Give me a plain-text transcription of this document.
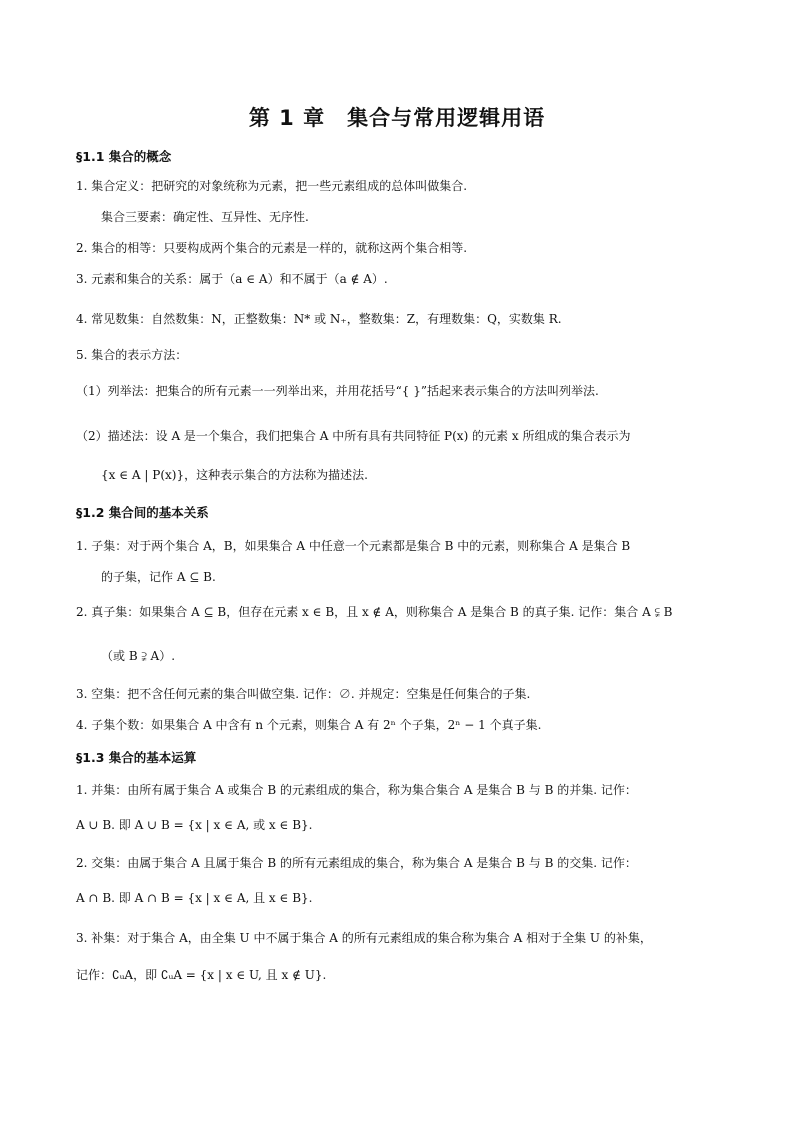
第 1 章　集合与常用逻辑用语
§1.1 集合的概念
1. 集合定义：把研究的对象统称为元素，把一些元素组成的总体叫做集合.
集合三要素：确定性、互异性、无序性.
2. 集合的相等：只要构成两个集合的元素是一样的，就称这两个集合相等.
3. 元素和集合的关系：属于（a ∈ A）和不属于（a ∉ A）.
4. 常见数集：自然数集：N，正整数集：N* 或 N₊，整数集：Z，有理数集：Q，实数集 R.
5. 集合的表示方法：
（1）列举法：把集合的所有元素一一列举出来，并用花括号“{ }”括起来表示集合的方法叫列举法.
（2）描述法：设 A 是一个集合，我们把集合 A 中所有具有共同特征 P(x) 的元素 x 所组成的集合表示为
{x ∈ A | P(x)}，这种表示集合的方法称为描述法.
§1.2 集合间的基本关系
1. 子集：对于两个集合 A，B，如果集合 A 中任意一个元素都是集合 B 中的元素，则称集合 A 是集合 B
的子集，记作 A ⊆ B.
2. 真子集：如果集合 A ⊆ B，但存在元素 x ∈ B，且 x ∉ A，则称集合 A 是集合 B 的真子集. 记作：集合 A ⫋ B
（或 B ⫌ A）.
3. 空集：把不含任何元素的集合叫做空集. 记作：∅. 并规定：空集是任何集合的子集.
4. 子集个数：如果集合 A 中含有 n 个元素，则集合 A 有 2ⁿ 个子集，2ⁿ − 1 个真子集.
§1.3 集合的基本运算
1. 并集：由所有属于集合 A 或集合 B 的元素组成的集合，称为集合集合 A 是集合 B 与 B 的并集. 记作：
A ∪ B. 即 A ∪ B = {x | x ∈ A, 或 x ∈ B}.
2. 交集：由属于集合 A 且属于集合 B 的所有元素组成的集合，称为集合 A 是集合 B 与 B 的交集. 记作：
A ∩ B. 即 A ∩ B = {x | x ∈ A, 且 x ∈ B}.
3. 补集：对于集合 A，由全集 U 中不属于集合 A 的所有元素组成的集合称为集合 A 相对于全集 U 的补集，
记作：∁ᵤA，即 ∁ᵤA = {x | x ∈ U, 且 x ∉ U}.
